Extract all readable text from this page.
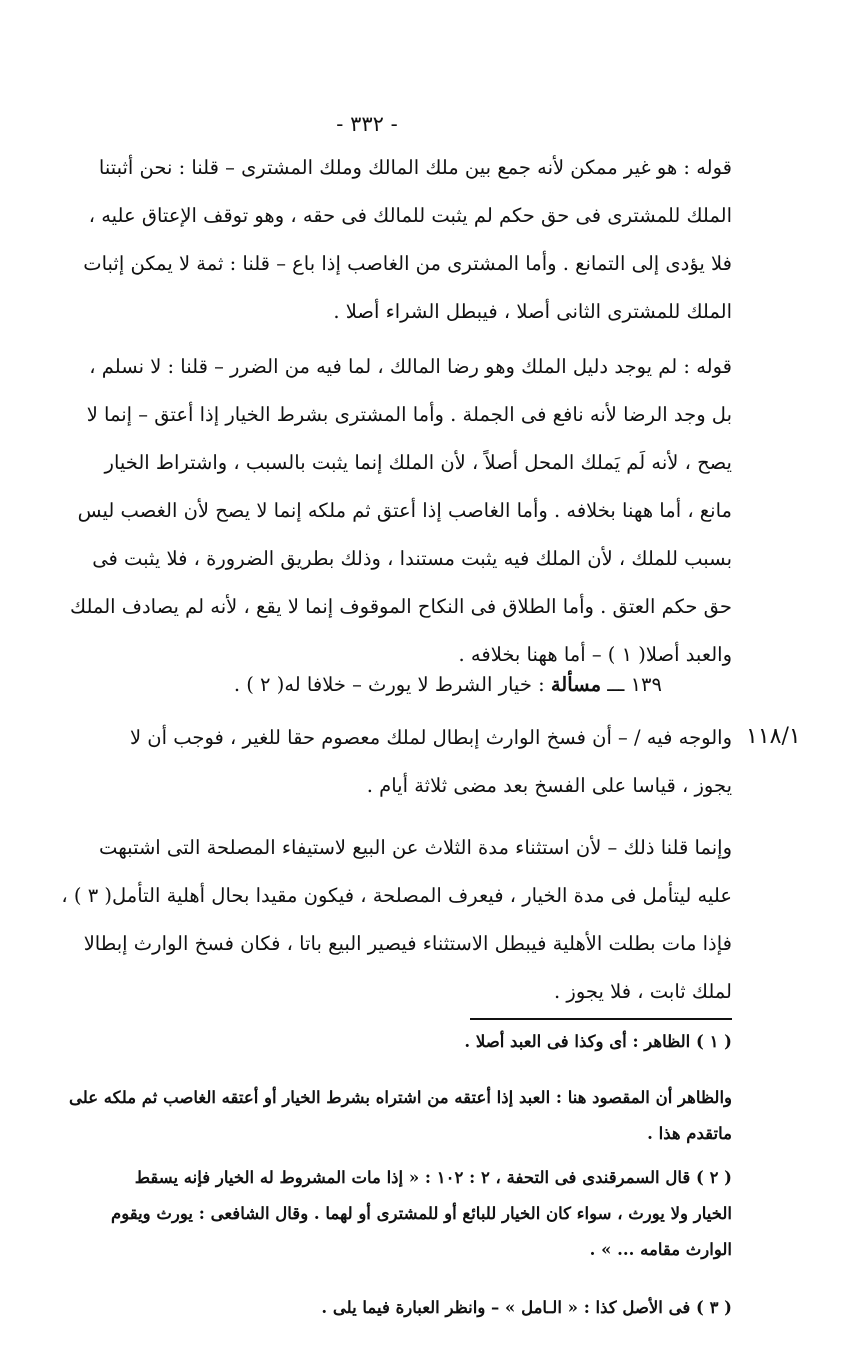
- ٣٣٢ -

قوله : هو غير ممكن لأنه جمع بين ملك المالك وملك المشترى – قلنا : نحن أثبتنا

الملك للمشترى فى حق حكم لم يثبت للمالك فى حقه ، وهو توقف الإعتاق عليه ،

فلا يؤدى إلى التمانع . وأما المشترى من الغاصب إذا باع – قلنا : ثمة لا يمكن إثبات

الملك للمشترى الثانى أصلا ، فيبطل الشراء أصلا .

قوله : لم يوجد دليل الملك وهو رضا المالك ، لما فيه من الضرر – قلنا : لا نسلم ،

بل وجد الرضا لأنه نافع فى الجملة . وأما المشترى بشرط الخيار إذا أعتق – إنما لا

يصح ، لأنه لَم يَملك المحل أصلاً ، لأن الملك إنما يثبت بالسبب ، واشتراط الخيار

مانع ، أما ههنا بخلافه . وأما الغاصب إذا أعتق ثم ملكه إنما لا يصح لأن الغصب ليس

بسبب للملك ، لأن الملك فيه يثبت مستندا ، وذلك بطريق الضرورة ، فلا يثبت فى

حق حكم العتق . وأما الطلاق فى النكاح الموقوف إنما لا يقع ، لأنه لم يصادف الملك

والعبد أصلا( ١ ) – أما ههنا بخلافه .

١٣٩ ـــ مسألة : خيار الشرط لا يورث – خلافا له( ٢ ) .
١١٨/١

والوجه فيه / – أن فسخ الوارث إبطال لملك معصوم حقا للغير ، فوجب أن لا

يجوز ، قياسا على الفسخ بعد مضى ثلاثة أيام .

وإنما قلنا ذلك – لأن استثناء مدة الثلاث عن البيع لاستيفاء المصلحة التى اشتبهت

عليه ليتأمل فى مدة الخيار ، فيعرف المصلحة ، فيكون مقيدا بحال أهلية التأمل( ٣ ) ،

فإذا مات بطلت الأهلية فيبطل الاستثناء فيصير البيع باتا ، فكان فسخ الوارث إبطالا

لملك ثابت ، فلا يجوز .

( ١ ) الظاهر : أى وكذا فى العبد أصلا .

والظاهر أن المقصود هنا : العبد إذا أعتقه من اشتراه بشرط الخيار أو أعتقه الغاصب ثم ملكه على

ماتقدم هذا .

( ٢ ) قال السمرقندى فى التحفة ، ٢ : ١٠٢ : « إذا مات المشروط له الخيار فإنه يسقط

الخيار ولا يورث ، سواء كان الخيار للبائع أو للمشترى أو لهما . وقال الشافعى : يورث ويقوم

الوارث مقامه ... » .

( ٣ ) فى الأصل كذا : « الـامل » – وانظر العبارة فيما يلى .
